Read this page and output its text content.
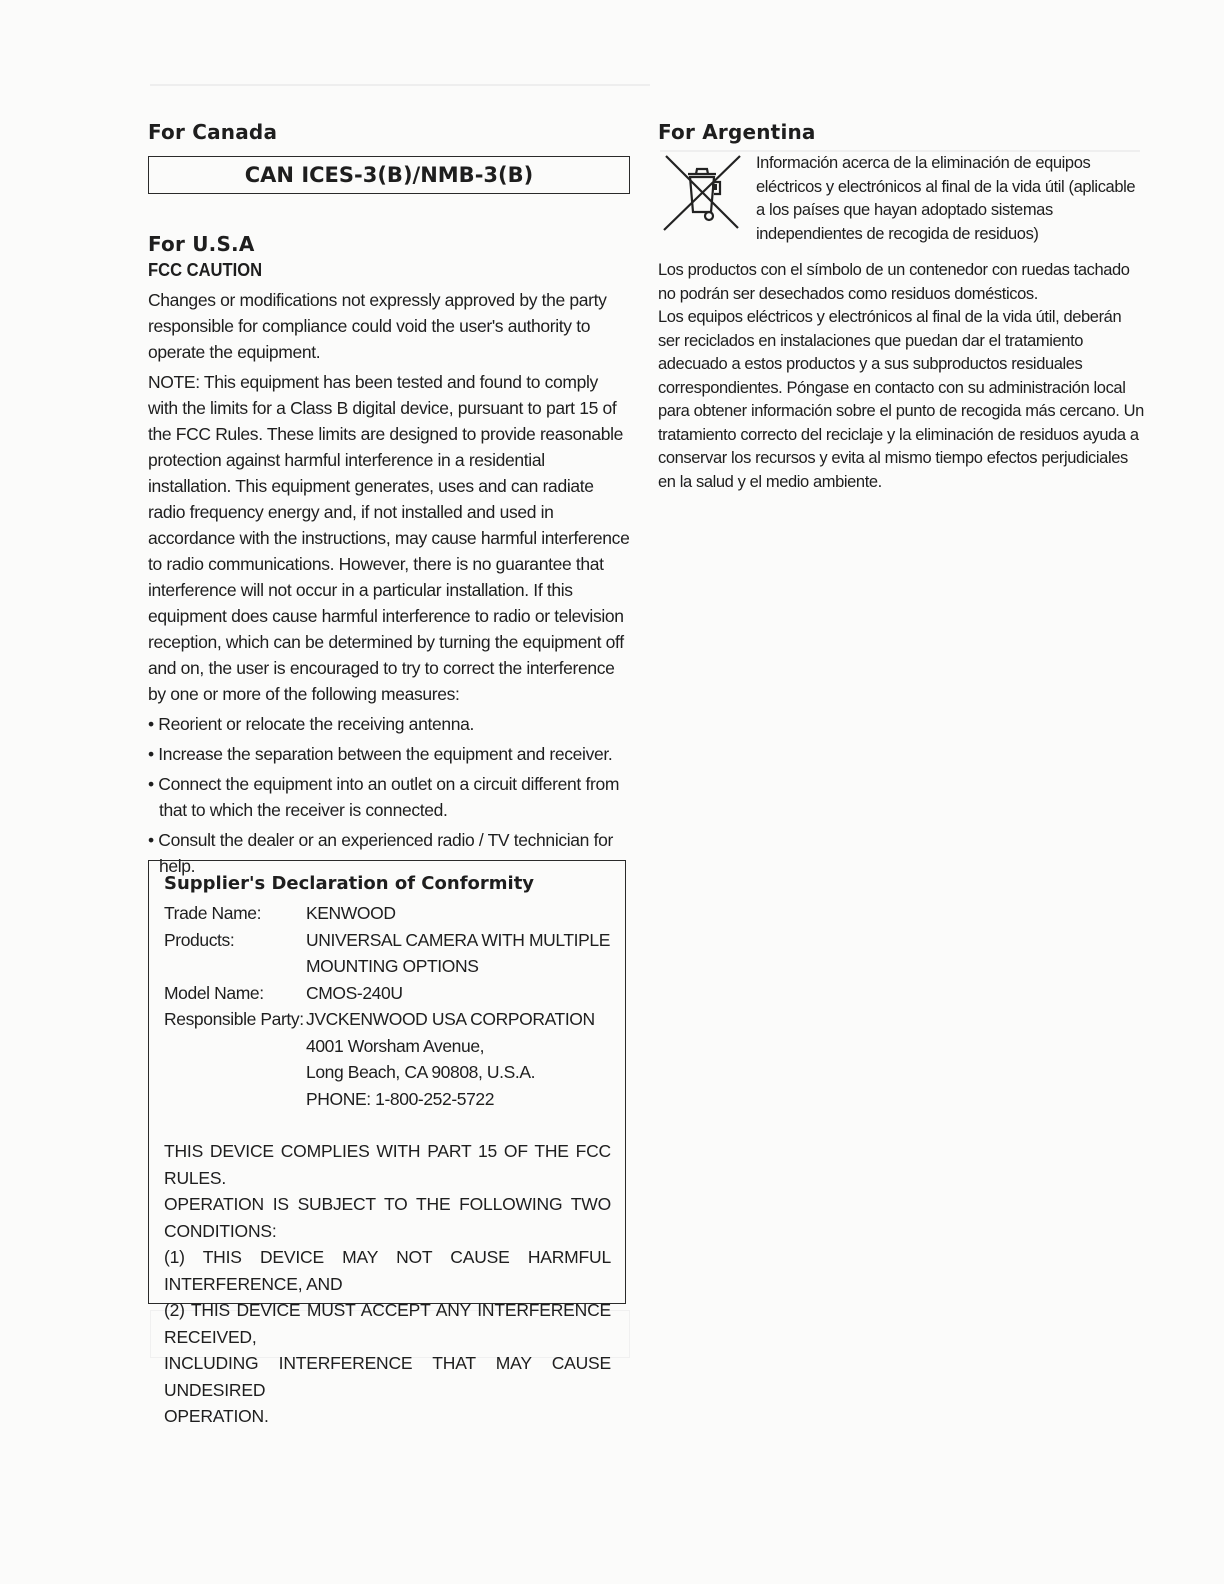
For Canada
CAN ICES-3(B)/NMB-3(B)
For U.S.A
FCC CAUTION

Changes or modifications not expressly approved by the party responsible for compliance could void the user's authority to operate the equipment.

NOTE: This equipment has been tested and found to comply with the limits for a Class B digital device, pursuant to part 15 of the FCC Rules. These limits are designed to provide reasonable protection against harmful interference in a residential installation. This equipment generates, uses and can radiate radio frequency energy and, if not installed and used in accordance with the instructions, may cause harmful interference to radio communications. However, there is no guarantee that interference will not occur in a particular installation. If this equipment does cause harmful interference to radio or television reception, which can be determined by turning the equipment off and on, the user is encouraged to try to correct the interference by one or more of the following measures:

• Reorient or relocate the receiving antenna.
• Increase the separation between the equipment and receiver.
• Connect the equipment into an outlet on a circuit different from that to which the receiver is connected.
• Consult the dealer or an experienced radio / TV technician for help.
Supplier's Declaration of Conformity
Trade Name:	KENWOOD
Products:	UNIVERSAL CAMERA WITH MULTIPLE
MOUNTING OPTIONS

Model Name:	CMOS-240U
Responsible Party:	JVCKENWOOD USA CORPORATION
4001 Worsham Avenue,
Long Beach, CA 90808, U.S.A.
PHONE: 1-800-252-5722
THIS DEVICE COMPLIES WITH PART 15 OF THE FCC RULES.
OPERATION IS SUBJECT TO THE FOLLOWING TWO CONDITIONS:
(1) THIS DEVICE MAY NOT CAUSE HARMFUL INTERFERENCE, AND
(2) THIS DEVICE MUST ACCEPT ANY INTERFERENCE RECEIVED,
INCLUDING INTERFERENCE THAT MAY CAUSE UNDESIRED
OPERATION.
For Argentina
Información acerca de la eliminación de equipos eléctricos y electrónicos al final de la vida útil (aplicable a los países que hayan adoptado sistemas independientes de recogida de residuos)

Los productos con el símbolo de un contenedor con ruedas tachado no podrán ser desechados como residuos domésticos.

Los equipos eléctricos y electrónicos al final de la vida útil, deberán ser reciclados en instalaciones que puedan dar el tratamiento adecuado a estos productos y a sus subproductos residuales correspondientes. Póngase en contacto con su administración local para obtener información sobre el punto de recogida más cercano. Un tratamiento correcto del reciclaje y la eliminación de residuos ayuda a conservar los recursos y evita al mismo tiempo efectos perjudiciales en la salud y el medio ambiente.
